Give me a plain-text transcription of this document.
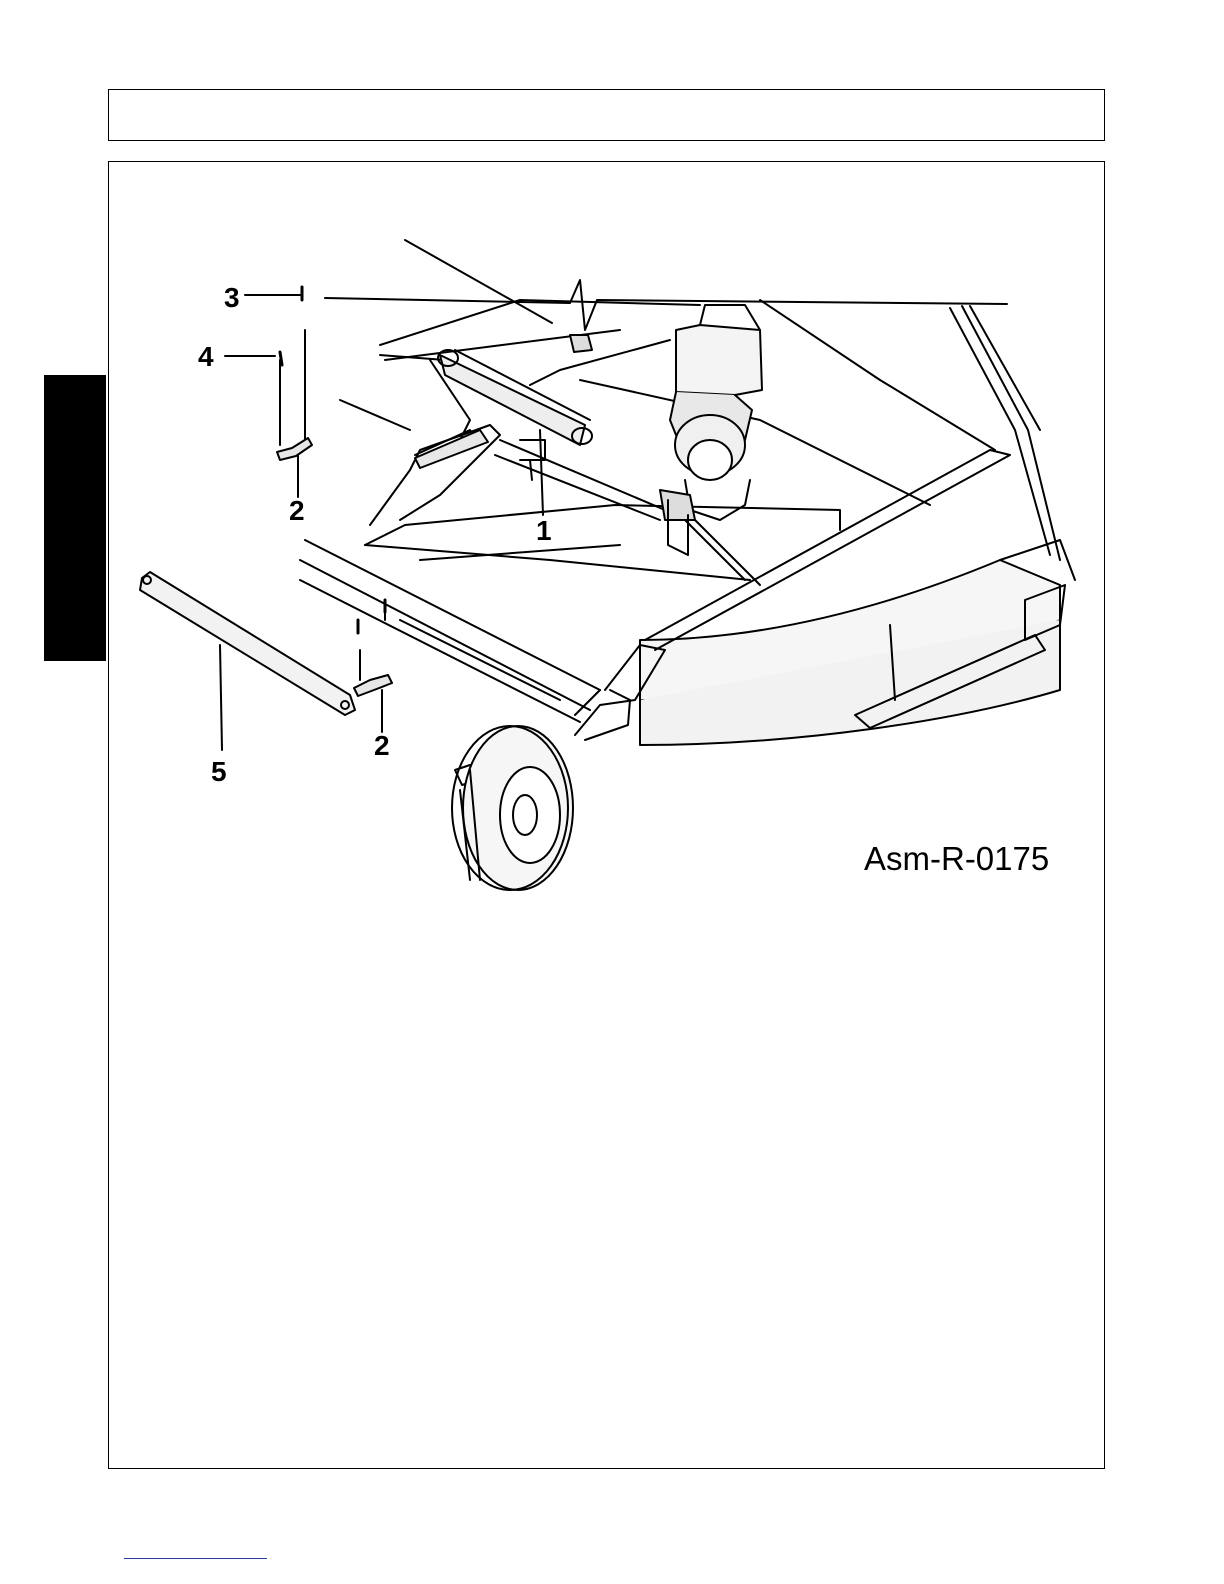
3
4
2
1
2
5
Asm-R-0175
